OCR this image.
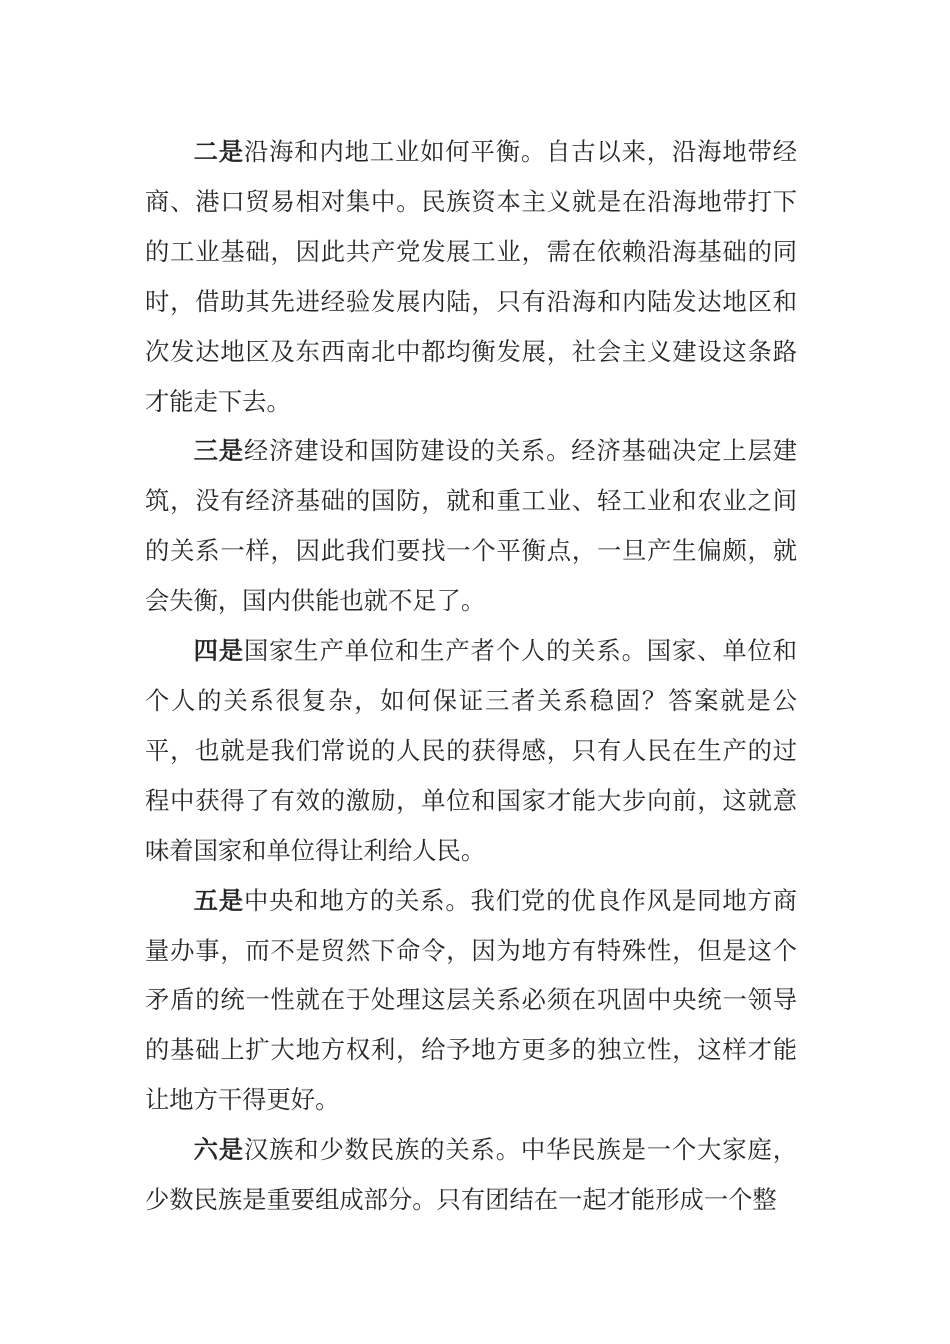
二是沿海和内地工业如何平衡。自古以来，沿海地带经商、港口贸易相对集中。民族资本主义就是在沿海地带打下的工业基础，因此共产党发展工业，需在依赖沿海基础的同时，借助其先进经验发展内陆，只有沿海和内陆发达地区和次发达地区及东西南北中都均衡发展，社会主义建设这条路才能走下去。

三是经济建设和国防建设的关系。经济基础决定上层建筑，没有经济基础的国防，就和重工业、轻工业和农业之间的关系一样，因此我们要找一个平衡点，一旦产生偏颇，就会失衡，国内供能也就不足了。

四是国家生产单位和生产者个人的关系。国家、单位和个人的关系很复杂，如何保证三者关系稳固？答案就是公平，也就是我们常说的人民的获得感，只有人民在生产的过程中获得了有效的激励，单位和国家才能大步向前，这就意味着国家和单位得让利给人民。

五是中央和地方的关系。我们党的优良作风是同地方商量办事，而不是贸然下命令，因为地方有特殊性，但是这个矛盾的统一性就在于处理这层关系必须在巩固中央统一领导的基础上扩大地方权利，给予地方更多的独立性，这样才能让地方干得更好。

六是汉族和少数民族的关系。中华民族是一个大家庭，少数民族是重要组成部分。只有团结在一起才能形成一个整
